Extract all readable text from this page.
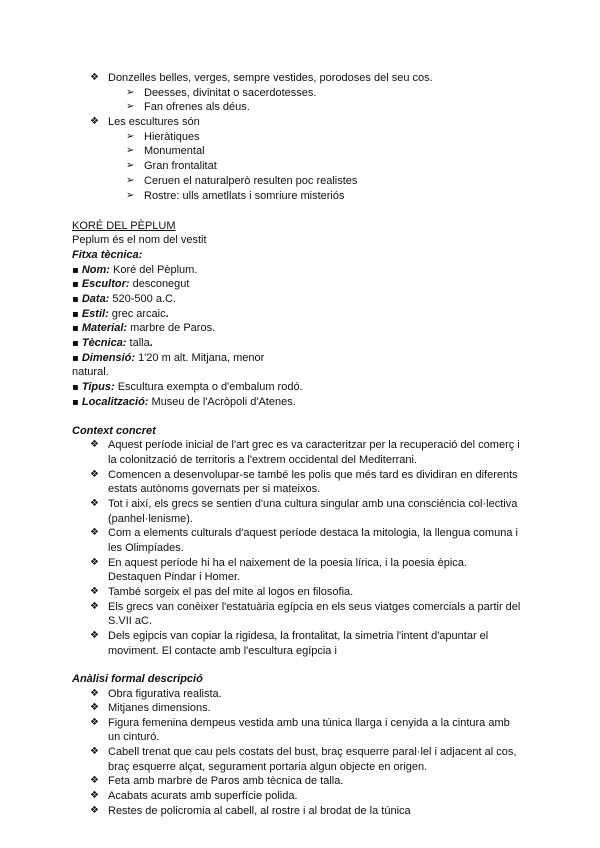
❖ Donzelles belles, verges, sempre vestides, porodoses del seu cos.
➢ Deesses, divinitat o sacerdotesses.
➢ Fan ofrenes als déus.
❖ Les escultures són
➢ Hieràtiques
➢ Monumental
➢ Gran frontalitat
➢ Ceruen el naturalperò resulten poc realistes
➢ Rostre: ulls ametllats i somriure misteriós
KORÉ DEL PÈPLUM
Peplum és el nom del vestit
Fitxa tècnica:
▪ Nom: Koré del Pèplum.
▪ Escultor: desconegut
▪ Data: 520-500 a.C.
▪ Estil: grec arcaic.
▪ Material: marbre de Paros.
▪ Tècnica: talla.
▪ Dimensió: 1'20 m alt. Mitjana, menor
natural.
▪ Tipus: Escultura exempta o d'embalum rodó.
▪ Localització: Museu de l'Acròpoli d'Atenes.
Context concret
❖ Aquest període inicial de l'art grec es va caracteritzar per la recuperació del comerç i
la colonització de territoris a l'extrem occidental del Mediterrani.
❖ Comencen a desenvolupar-se també les polis que més tard es dividiran en diferents
estats autònoms governats per si mateixos.
❖ Tot i així, els grecs se sentien d'una cultura singular amb una consciència col·lectiva
(panhel·lenisme).
❖ Com a elements culturals d'aquest període destaca la mitologia, la llengua comuna i
les Olimpíades.
❖ En aquest període hi ha el naixement de la poesia lírica, i la poesia èpica.
Destaquen Pindar i Homer.
❖ També sorgeix el pas del mite al logos en filosofia.
❖ Els grecs van conèixer l'estatuària egípcia en els seus viatges comercials a partir del
S.VII aC.
❖ Dels egipcis van copiar la rigidesa, la frontalitat, la simetria l'intent d'apuntar el
moviment. El contacte amb l'escultura egípcia i
Anàlisi formal descripció
❖ Obra figurativa realista.
❖ Mitjanes dimensions.
❖ Figura femenina dempeus vestida amb una túnica llarga i cenyida a la cintura amb
un cinturó.
❖ Cabell trenat que cau pels costats del bust, braç esquerre paral·lel i adjacent al cos,
braç esquerre alçat, segurament portaria algun objecte en origen.
❖ Feta amb marbre de Paros amb tècnica de talla.
❖ Acabats acurats amb superfície polida.
❖ Restes de policromia al cabell, al rostre i al brodat de la túnica
